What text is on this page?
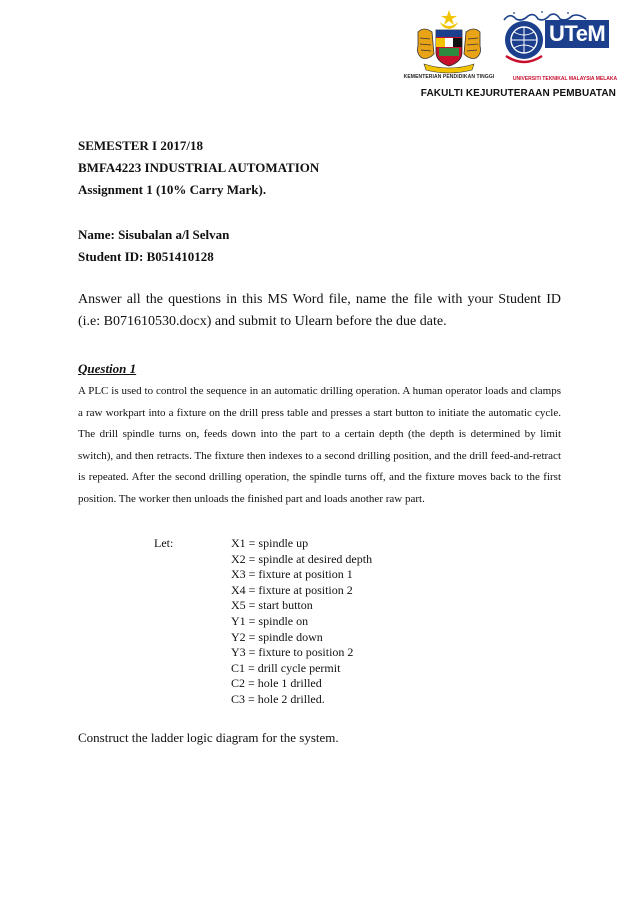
KEMENTERIAN PENDIDIKAN TINGGI
UTeM
UNIVERSITI TEKNIKAL MALAYSIA MELAKA
FAKULTI KEJURUTERAAN PEMBUATAN
SEMESTER I 2017/18
BMFA4223 INDUSTRIAL AUTOMATION
Assignment 1 (10% Carry Mark).
Name: Sisubalan a/l Selvan
Student ID: B051410128
Answer all the questions in this MS Word file, name the file with your Student ID (i.e: B071610530.docx) and submit to Ulearn before the due date.
Question 1
A PLC is used to control the sequence in an automatic drilling operation. A human operator loads and clamps a raw workpart into a fixture on the drill press table and presses a start button to initiate the automatic cycle. The drill spindle turns on, feeds down into the part to a certain depth (the depth is determined by limit switch), and then retracts. The fixture then indexes to a second drilling position, and the drill feed-and-retract is repeated. After the second drilling operation, the spindle turns off, and the fixture moves back to the first position. The worker then unloads the finished part and loads another raw part.
Let:	X1 = spindle up
X2 = spindle at desired depth
X3 = fixture at position 1
X4 = fixture at position 2
X5 = start button
Y1 = spindle on
Y2 = spindle down
Y3 = fixture to position 2
C1 = drill cycle permit
C2 = hole 1 drilled
C3 = hole 2 drilled.
Construct the ladder logic diagram for the system.
